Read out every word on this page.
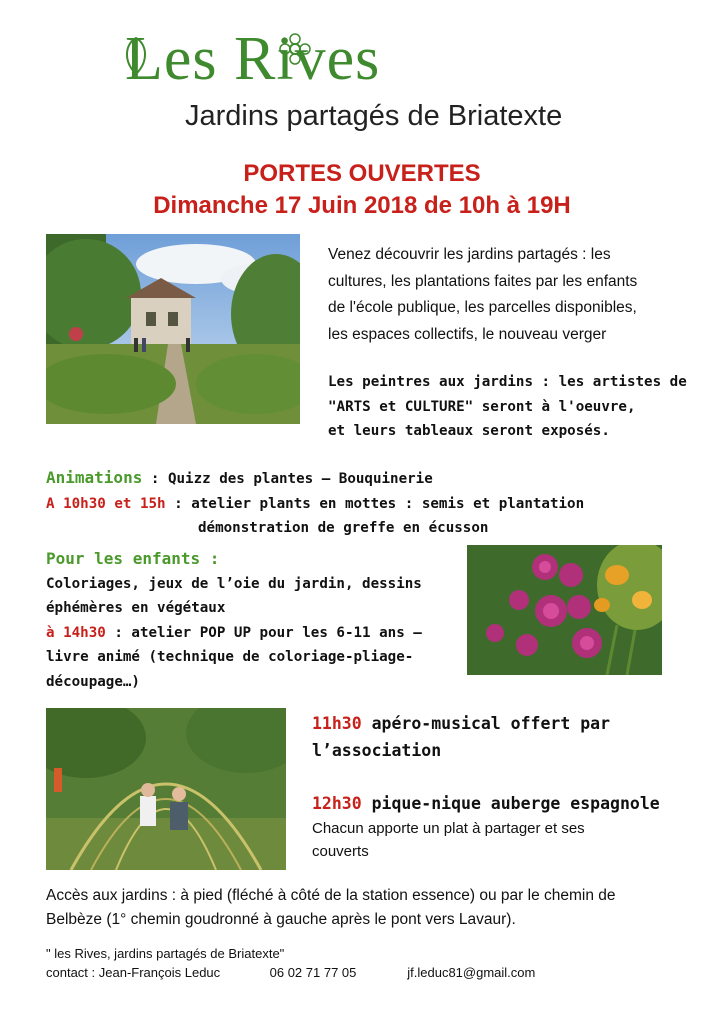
Les Rives
Jardins partagés de Briatexte
PORTES OUVERTES
Dimanche 17 Juin 2018 de 10h à 19H
Venez découvrir les jardins partagés : les
cultures, les plantations faites par les enfants
de l'école publique, les parcelles disponibles,
les espaces collectifs, le nouveau verger
Les peintres aux jardins : les artistes de
"ARTS et CULTURE" seront à l'oeuvre,
et leurs tableaux seront exposés.
Animations : Quizz des plantes – Bouquinerie
A 10h30 et 15h : atelier plants en mottes : semis et plantation
démonstration de greffe en écusson
Pour les enfants :
Coloriages, jeux de l’oie du jardin, dessins
éphémères en végétaux
à 14h30 : atelier POP UP pour les 6-11 ans –
livre animé (technique de coloriage-pliage-
découpage…)
11h30 apéro-musical offert par
l’association
12h30 pique-nique auberge espagnole
Chacun apporte un plat à partager et ses
couverts
Accès aux jardins : à pied (fléché à côté de la station essence) ou par le chemin de
Belbèze (1° chemin goudronné à gauche après le pont vers Lavaur).
" les Rives, jardins partagés de Briatexte"
contact : Jean-François Leduc	06 02 71 77 05	jf.leduc81@gmail.com
